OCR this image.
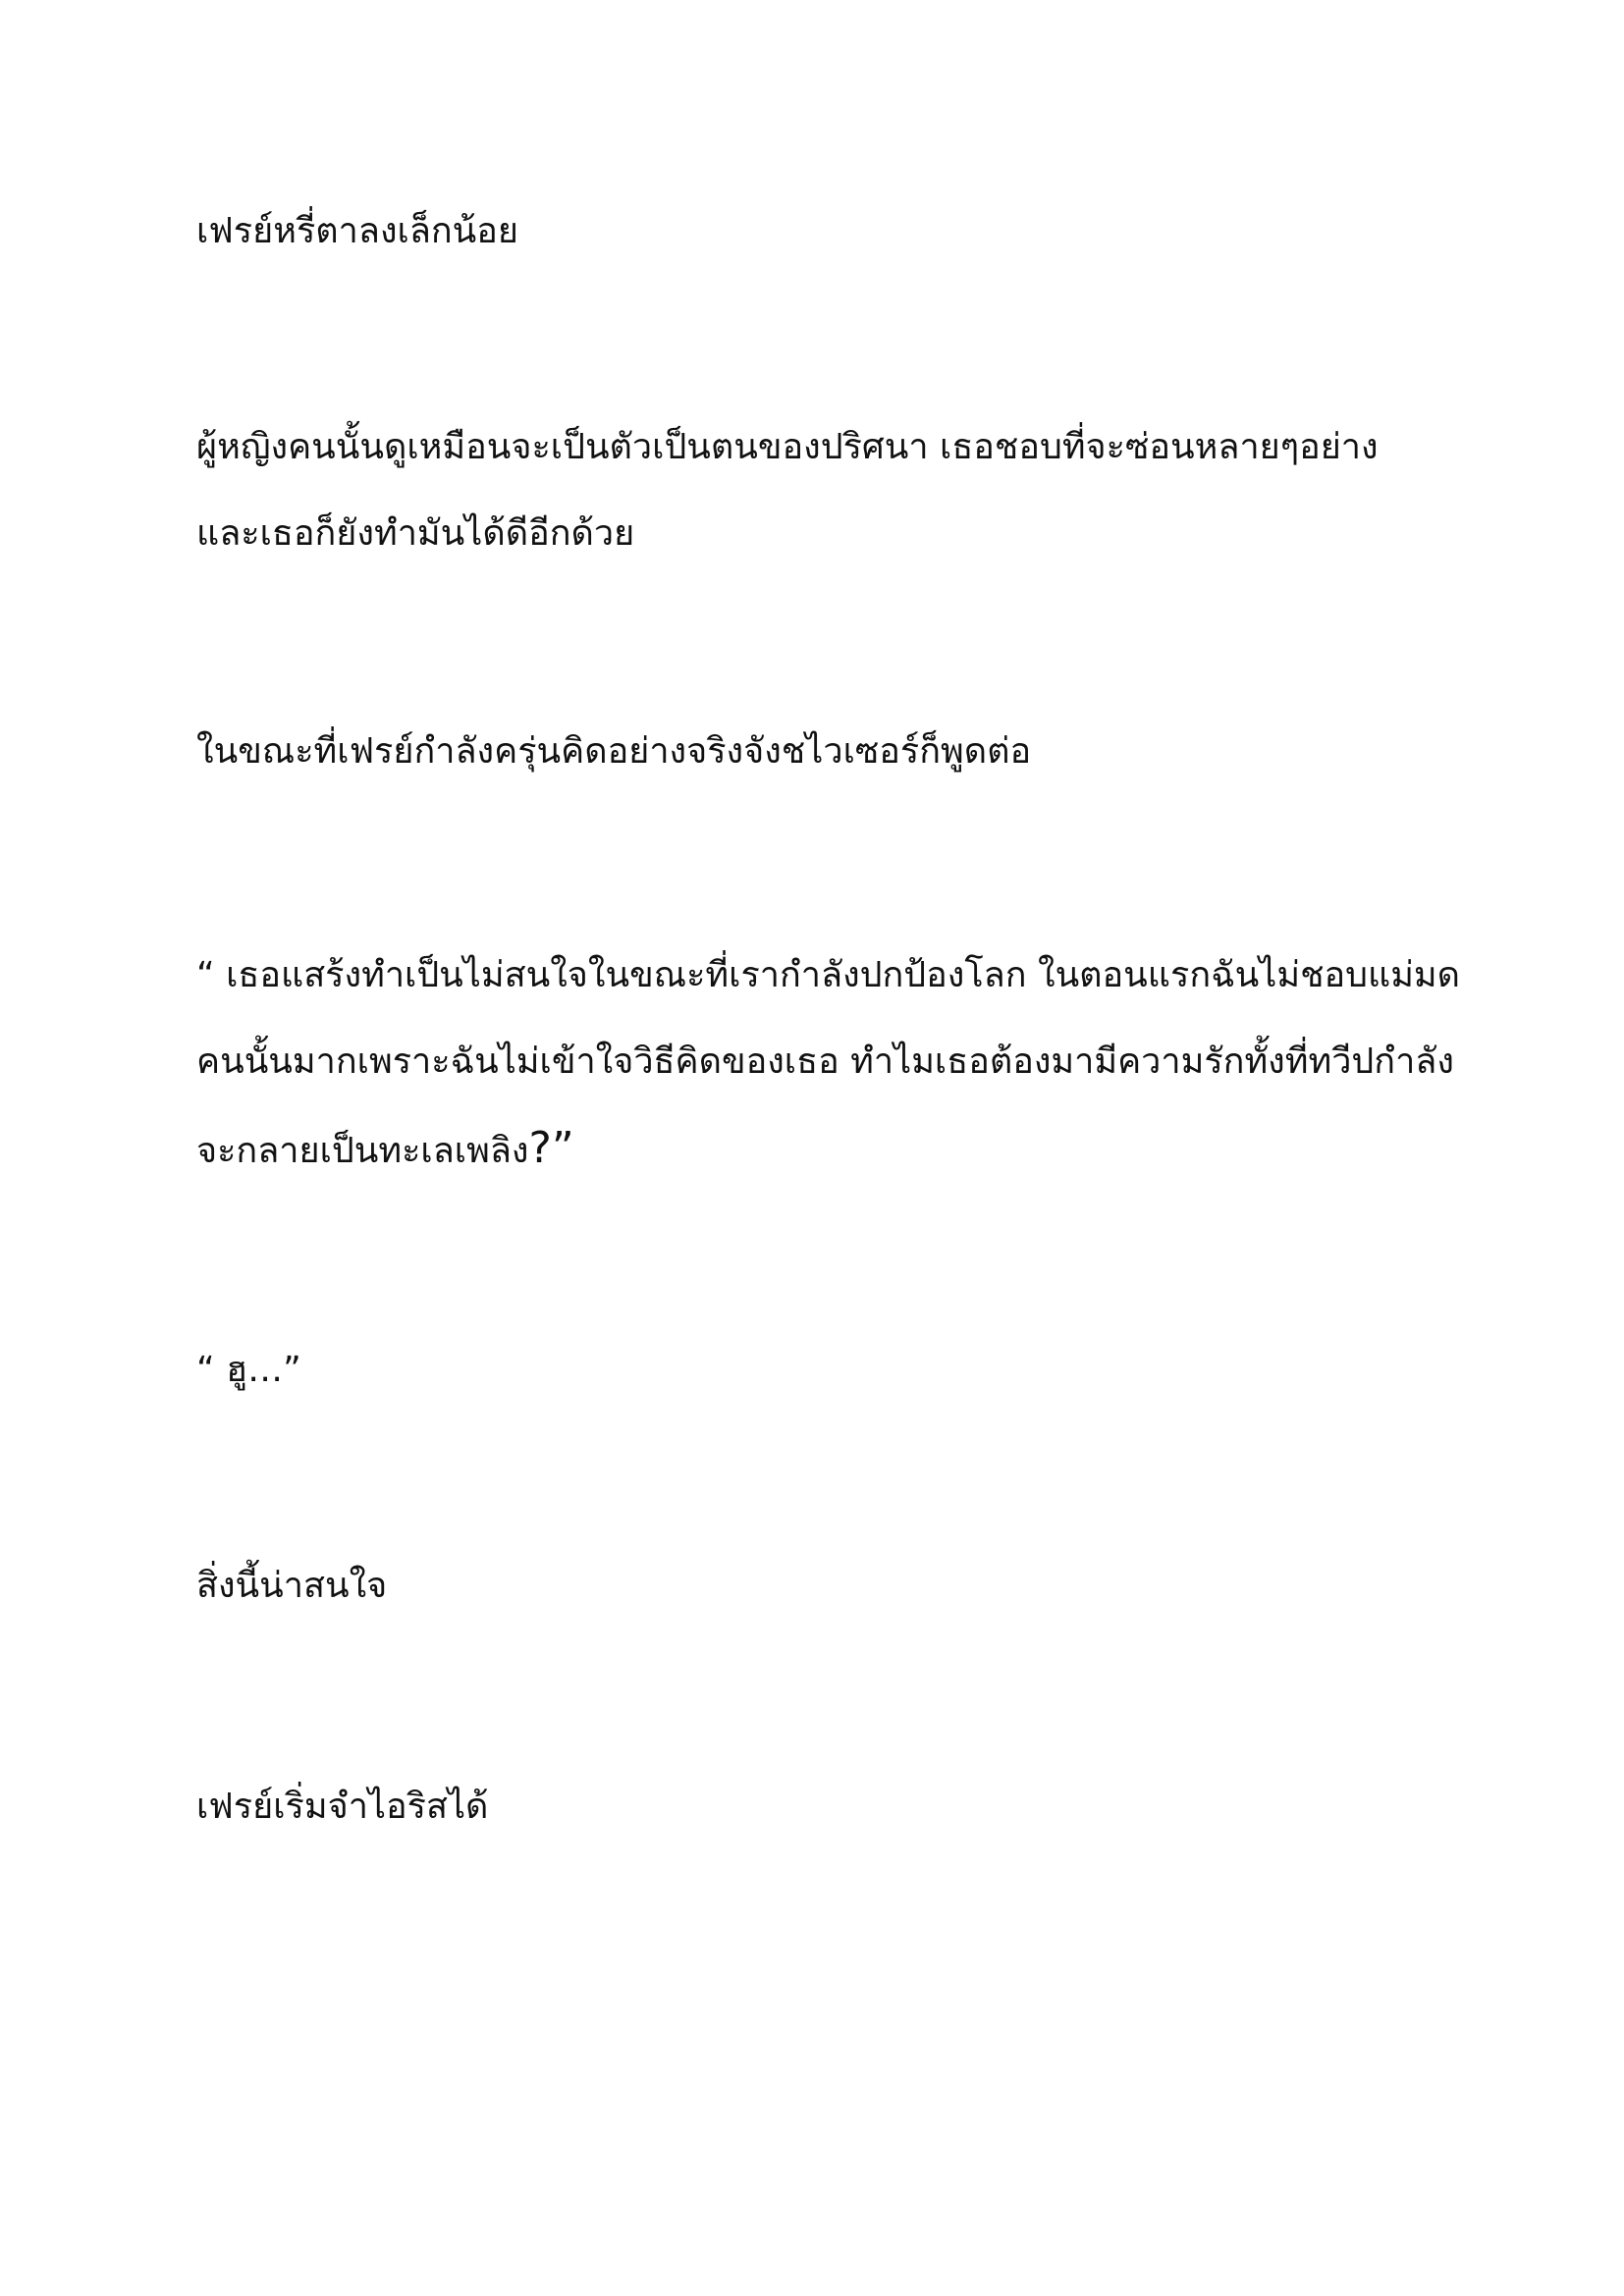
เฟรย์หรี่ตาลงเล็กน้อย

ผู้หญิงคนนั้นดูเหมือนจะเป็นตัวเป็นตนของปริศนา เธอชอบที่จะซ่อนหลายๆอย่าง

และเธอก็ยังทำมันได้ดีอีกด้วย

ในขณะที่เฟรย์กำลังครุ่นคิดอย่างจริงจังชไวเซอร์ก็พูดต่อ

“ เธอแสร้งทำเป็นไม่สนใจในขณะที่เรากำลังปกป้องโลก ในตอนแรกฉันไม่ชอบแม่มด

คนนั้นมากเพราะฉันไม่เข้าใจวิธีคิดของเธอ ทำไมเธอต้องมามีความรักทั้งที่ทวีปกำลัง

จะกลายเป็นทะเลเพลิง?”

“ ฮู…”

สิ่งนี้น่าสนใจ

เฟรย์เริ่มจำไอริสได้
